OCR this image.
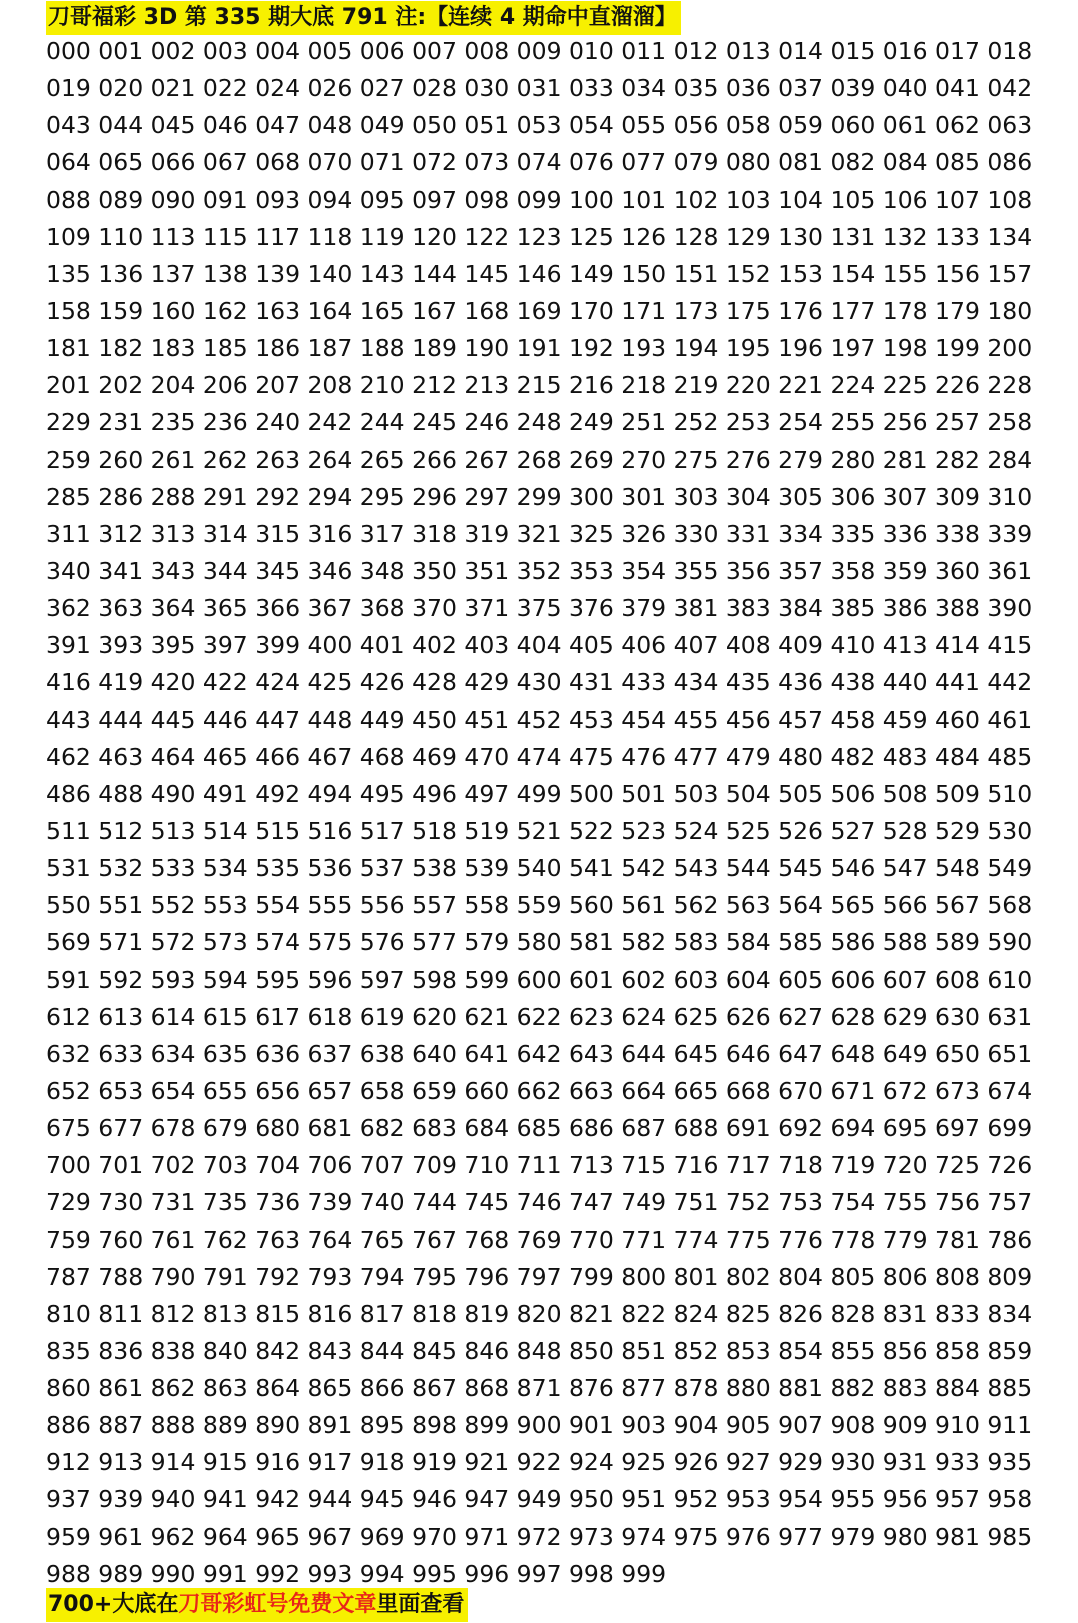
刀哥福彩 3D 第 335 期大底 791 注:【连续 4 期命中直溜溜】
000 001 002 003 004 005 006 007 008 009 010 011 012 013 014 015 016 017 018
019 020 021 022 024 026 027 028 030 031 033 034 035 036 037 039 040 041 042
043 044 045 046 047 048 049 050 051 053 054 055 056 058 059 060 061 062 063
064 065 066 067 068 070 071 072 073 074 076 077 079 080 081 082 084 085 086
088 089 090 091 093 094 095 097 098 099 100 101 102 103 104 105 106 107 108
109 110 113 115 117 118 119 120 122 123 125 126 128 129 130 131 132 133 134
135 136 137 138 139 140 143 144 145 146 149 150 151 152 153 154 155 156 157
158 159 160 162 163 164 165 167 168 169 170 171 173 175 176 177 178 179 180
181 182 183 185 186 187 188 189 190 191 192 193 194 195 196 197 198 199 200
201 202 204 206 207 208 210 212 213 215 216 218 219 220 221 224 225 226 228
229 231 235 236 240 242 244 245 246 248 249 251 252 253 254 255 256 257 258
259 260 261 262 263 264 265 266 267 268 269 270 275 276 279 280 281 282 284
285 286 288 291 292 294 295 296 297 299 300 301 303 304 305 306 307 309 310
311 312 313 314 315 316 317 318 319 321 325 326 330 331 334 335 336 338 339
340 341 343 344 345 346 348 350 351 352 353 354 355 356 357 358 359 360 361
362 363 364 365 366 367 368 370 371 375 376 379 381 383 384 385 386 388 390
391 393 395 397 399 400 401 402 403 404 405 406 407 408 409 410 413 414 415
416 419 420 422 424 425 426 428 429 430 431 433 434 435 436 438 440 441 442
443 444 445 446 447 448 449 450 451 452 453 454 455 456 457 458 459 460 461
462 463 464 465 466 467 468 469 470 474 475 476 477 479 480 482 483 484 485
486 488 490 491 492 494 495 496 497 499 500 501 503 504 505 506 508 509 510
511 512 513 514 515 516 517 518 519 521 522 523 524 525 526 527 528 529 530
531 532 533 534 535 536 537 538 539 540 541 542 543 544 545 546 547 548 549
550 551 552 553 554 555 556 557 558 559 560 561 562 563 564 565 566 567 568
569 571 572 573 574 575 576 577 579 580 581 582 583 584 585 586 588 589 590
591 592 593 594 595 596 597 598 599 600 601 602 603 604 605 606 607 608 610
612 613 614 615 617 618 619 620 621 622 623 624 625 626 627 628 629 630 631
632 633 634 635 636 637 638 640 641 642 643 644 645 646 647 648 649 650 651
652 653 654 655 656 657 658 659 660 662 663 664 665 668 670 671 672 673 674
675 677 678 679 680 681 682 683 684 685 686 687 688 691 692 694 695 697 699
700 701 702 703 704 706 707 709 710 711 713 715 716 717 718 719 720 725 726
729 730 731 735 736 739 740 744 745 746 747 749 751 752 753 754 755 756 757
759 760 761 762 763 764 765 767 768 769 770 771 774 775 776 778 779 781 786
787 788 790 791 792 793 794 795 796 797 799 800 801 802 804 805 806 808 809
810 811 812 813 815 816 817 818 819 820 821 822 824 825 826 828 831 833 834
835 836 838 840 842 843 844 845 846 848 850 851 852 853 854 855 856 858 859
860 861 862 863 864 865 866 867 868 871 876 877 878 880 881 882 883 884 885
886 887 888 889 890 891 895 898 899 900 901 903 904 905 907 908 909 910 911
912 913 914 915 916 917 918 919 921 922 924 925 926 927 929 930 931 933 935
937 939 940 941 942 944 945 946 947 949 950 951 952 953 954 955 956 957 958
959 961 962 964 965 967 969 970 971 972 973 974 975 976 977 979 980 981 985
988 989 990 991 992 993 994 995 996 997 998 999
700+大底在刀哥彩虹号免费文章里面查看
